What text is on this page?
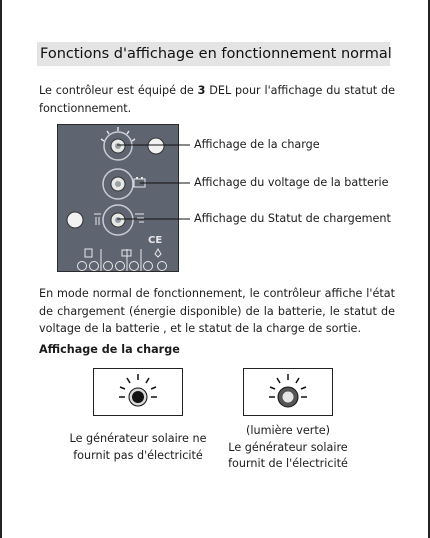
Fonctions d'affichage en fonctionnement normal

Le contrôleur est équipé de 3 DEL pour l'affichage du statut de fonctionnement.

CE
Affichage de la charge
Affichage du voltage de la batterie
Affichage du Statut de chargement

En mode normal de fonctionnement, le contrôleur affiche l'état de chargement (énergie disponible) de la batterie, le statut de voltage de la batterie , et le statut de la charge de sortie.

Affichage de la charge
Le générateur solaire ne
fournit pas d'électricité
(lumière verte)
Le générateur solaire
fournit de l'électricité
